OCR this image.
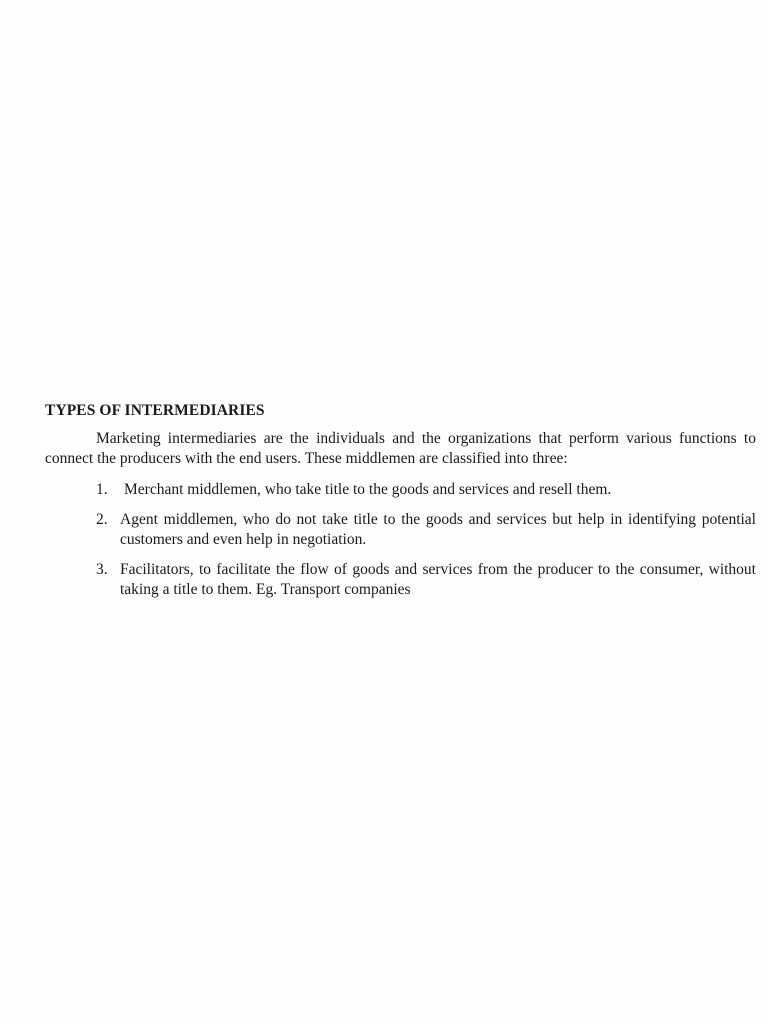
TYPES OF INTERMEDIARIES

Marketing intermediaries are the individuals and the organizations that perform various functions to connect the producers with the end users. These middlemen are classified into three:

1. Merchant middlemen, who take title to the goods and services and resell them.
2. Agent middlemen, who do not take title to the goods and services but help in identifying potential customers and even help in negotiation.
3. Facilitators, to facilitate the flow of goods and services from the producer to the consumer, without taking a title to them. Eg. Transport companies
